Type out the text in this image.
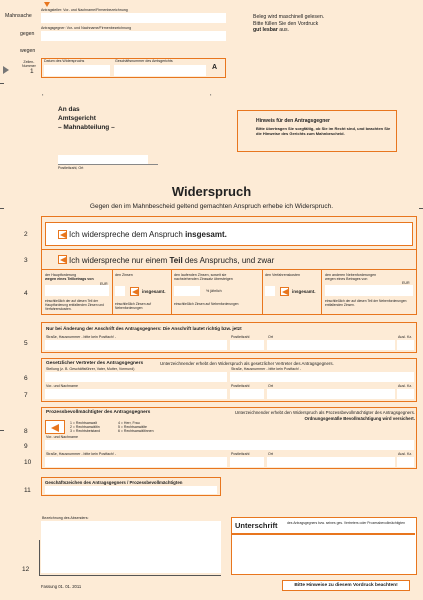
Mahnsache
gegen
wegen
Zeilen-
Nummer
Antragsteller: Vor- und Nachname/Firmenbezeichnung
Antragsgegner: Vor- und Nachname/Firmenbezeichnung
Beleg wird maschinell gelesen.
Bitte füllen Sie den Vordruck
gut lesbar aus.
1
Datum des Widerspruchs	Geschäftsnummer des Amtsgerichts
A
▪	▪
An das
Amtsgericht
– Mahnabteilung –
Postleitzahl, Ort
Hinweis für den Antragsgegner
Bitte übertragen Sie sorgfältig, ob Sie im Recht sind, und beachten Sie die Hinweise des Gerichts zum Mahnbescheid.
Widerspruch
Gegen den im Mahnbescheid geltend gemachten Anspruch erhebe ich Widerspruch.
2	Ich widerspreche dem Anspruch insgesamt.
3	Ich widerspreche nur einem Teil des Anspruchs, und zwar
4
der Hauptforderung
wegen eines Teilbetrags von
EUR
einschließlich der auf diesen Teil der Hauptforderung entfallenden Zinsen und Verfahrenskosten.
den Zinsen
insgesamt.
einschließlich Zinsen auf Nebenforderungen
den laufenden Zinsen, soweit sie
nachstehenden Zinssatz übersteigen
% jährlich
einschließlich Zinsen auf Nebenforderungen
den Verfahrenskosten
insgesamt.
den anderen Nebenforderungen
wegen eines Betrages von
EUR
einschließlich der auf diesen Teil der Nebenforderungen entfallenden Zinsen.
5
Nur bei Änderung der Anschrift des Antragsgegners: Die Anschrift lautet richtig bzw. jetzt
Straße, Hausnummer - bitte kein Postfach! -	Postleitzahl	Ort	Ausl. Kz.
6
7
Gesetzlicher Vertreter des Antragsgegners	Unterzeichnender erhebt den Widerspruch als gesetzlicher Vertreter des Antragsgegners.
Stellung (z. B. Geschäftsführer, Vater, Mutter, Vormund)	Straße, Hausnummer - bitte kein Postfach! -
Vor- und Nachname	Postleitzahl	Ort	Ausl. Kz.
8
9
10
Prozessbevollmächtigter des Antragsgegners	Unterzeichnender erhebt den Widerspruch als Prozessbevollmächtigter des Antragsgegners.
Ordnungsgemäße Bevollmächtigung wird versichert.
1 = Rechtsanwalt
2 = Rechtsanwältin
3 = Rechtsbeistand
4 = Herr, Frau
5 = Rechtsanwälte
6 = Rechtsanwältinnen
Vor- und Nachname
Straße, Hausnummer - bitte kein Postfach! -	Postleitzahl	Ort	Ausl. Kz.
11
Geschäftszeichen des Antragsgegners / Prozessbevollmächtigten
Bezeichnung des Absenders:
12
Unterschrift	des Antragsgegners bzw. seines ges. Vertreters oder Prozessbevollmächtigten
Fassung 01. 01. 2011	Bitte Hinweise zu diesem Vordruck beachten!
